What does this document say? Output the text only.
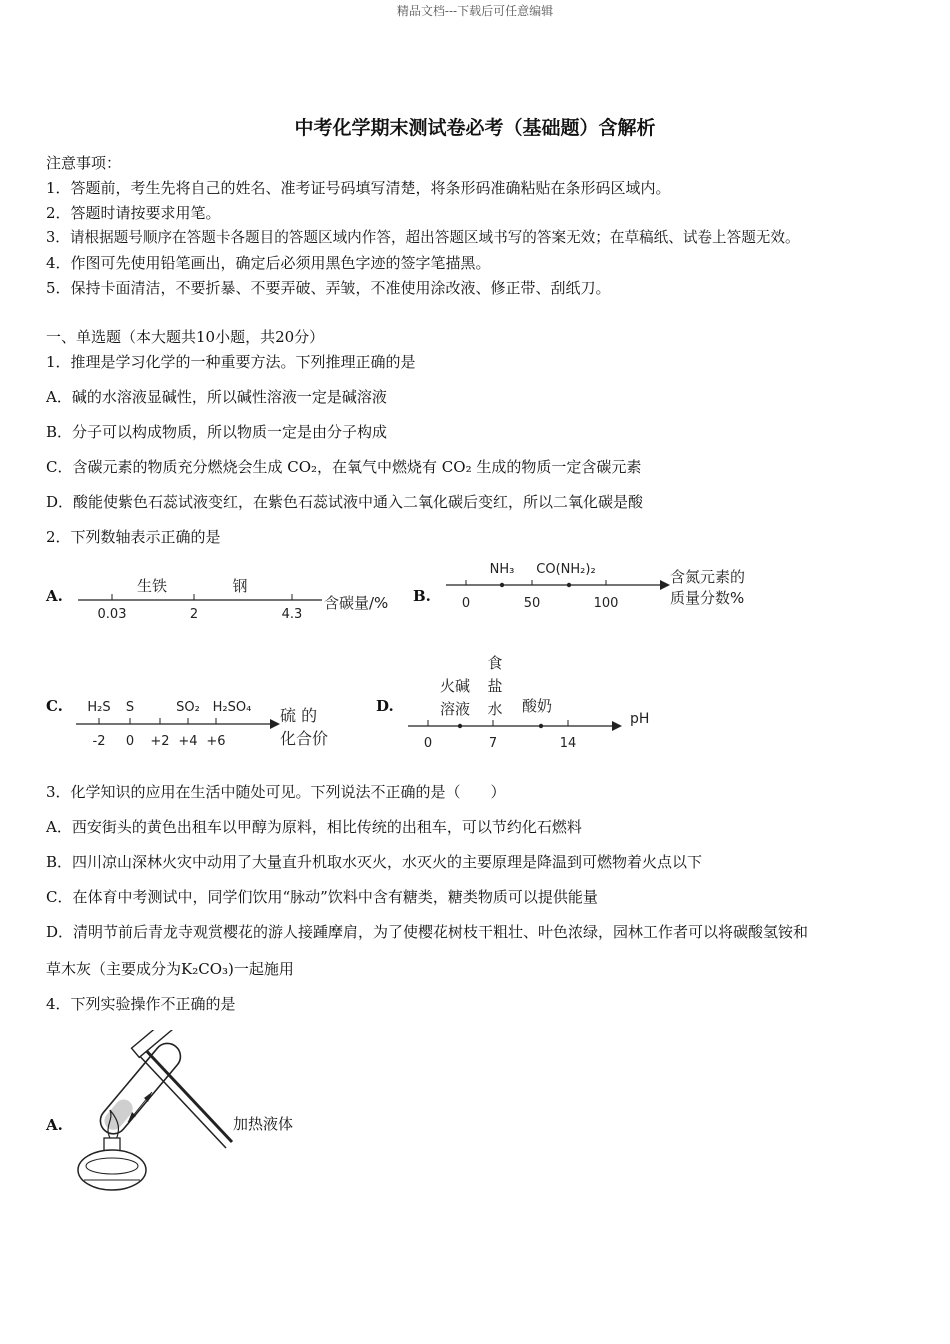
精品文档---下载后可任意编辑
中考化学期末测试卷必考（基础题）含解析
注意事项：
1．答题前，考生先将自己的姓名、准考证号码填写清楚，将条形码准确粘贴在条形码区域内。
2．答题时请按要求用笔。
3．请根据题号顺序在答题卡各题目的答题区域内作答，超出答题区域书写的答案无效；在草稿纸、试卷上答题无效。
4．作图可先使用铅笔画出，确定后必须用黑色字迹的签字笔描黑。
5．保持卡面清洁，不要折暴、不要弄破、弄皱，不准使用涂改液、修正带、刮纸刀。
一、单选题（本大题共10小题，共20分）
1．推理是学习化学的一种重要方法。下列推理正确的是
A．碱的水溶液显碱性，所以碱性溶液一定是碱溶液
B．分子可以构成物质，所以物质一定是由分子构成
C．含碳元素的物质充分燃烧会生成 CO₂，在氧气中燃烧有 CO₂ 生成的物质一定含碳元素
D．酸能使紫色石蕊试液变红，在紫色石蕊试液中通入二氧化碳后变红，所以二氧化碳是酸
2．下列数轴表示正确的是
A.
生铁	钢
0.03	2	4.3
含碳量/% B.
NH₃ CO(NH₂)₂
0	50	100
含氮元素的
质量分数%
C. H₂S S	SO₂ H₂SO₄
-2 0 +2 +4 +6
硫 的
化合价
D.
火碱
溶液
食
盐
水 酸奶
0	7	14
pH
3．化学知识的应用在生活中随处可见。下列说法不正确的是（　　）
A．西安街头的黄色出租车以甲醇为原料，相比传统的出租车，可以节约化石燃料
B．四川凉山深林火灾中动用了大量直升机取水灭火，水灭火的主要原理是降温到可燃物着火点以下
C．在体育中考测试中，同学们饮用“脉动”饮料中含有糖类，糖类物质可以提供能量
D．清明节前后青龙寺观赏樱花的游人接踵摩肩，为了使樱花树枝干粗壮、叶色浓绿，园林工作者可以将碳酸氢铵和
草木灰（主要成分为K₂CO₃)一起施用
4．下列实验操作不正确的是
A.	加热液体
